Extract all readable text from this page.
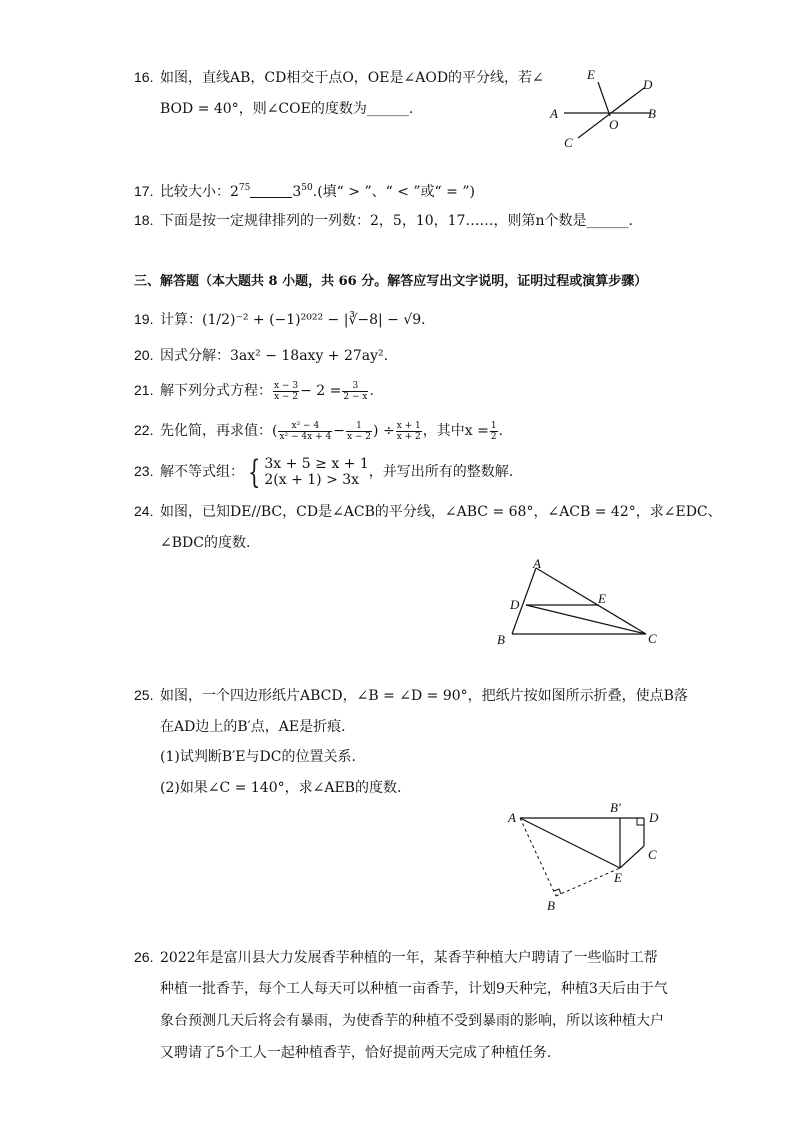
16. 如图，直线AB，CD相交于点O，OE是∠AOD的平分线，若∠
BOD = 40°，则∠COE的度数为______.
E
D
A
O
B
C
17. 比较大小：$2^{75}$	$3^{50}$.(填“ > ”、“ < ”或“ = ”)
18. 下面是按一定规律排列的一列数：2，5，10，17……，则第n个数是______.
三、解答题（本大题共 8 小题，共 66 分。解答应写出文字说明，证明过程或演算步骤）
19. 计算：(1/2)⁻² + (−1)²⁰²² − |∛−8| − √9.
20. 因式分解：3ax² − 18axy + 27ay².
21. 解下列分式方程： $\frac{x - 3}{x - 2} - 2 = \frac{3}{2 - x}$ .
22. 先化简，再求值：( $\frac{\text{x² − 4}}{\text{x² − 4x + 4}} - \frac{1}{x - 2}$ ) ÷ $\frac{x + 1}{x + 2}$ ，其中$x = \frac{1}{2}$ .
23. 解不等式组： { 3x + 5 ≥ x + 1
2(x + 1) > 3x ，并写出所有的整数解.
24. 如图，已知DE//BC，CD是∠ACB的平分线，∠ABC = 68°，∠ACB = 42°，求∠EDC、
∠BDC的度数.
A
D	E
B	C
25. 如图，一个四边形纸片ABCD，∠B = ∠D = 90°，把纸片按如图所示折叠，使点B落
在AD边上的B′点，AE是折痕.
(1)试判断B′E与DC的位置关系.
(2)如果∠C = 140°，求∠AEB的度数.
A
B′
D
C
E
B
26. 2022年是富川县大力发展香芋种植的一年，某香芋种植大户聘请了一些临时工帮
种植一批香芋，每个工人每天可以种植一亩香芋，计划9天种完，种植3天后由于气
象台预测几天后将会有暴雨，为使香芋的种植不受到暴雨的影响，所以该种植大户
又聘请了5个工人一起种植香芋，恰好提前两天完成了种植任务.
